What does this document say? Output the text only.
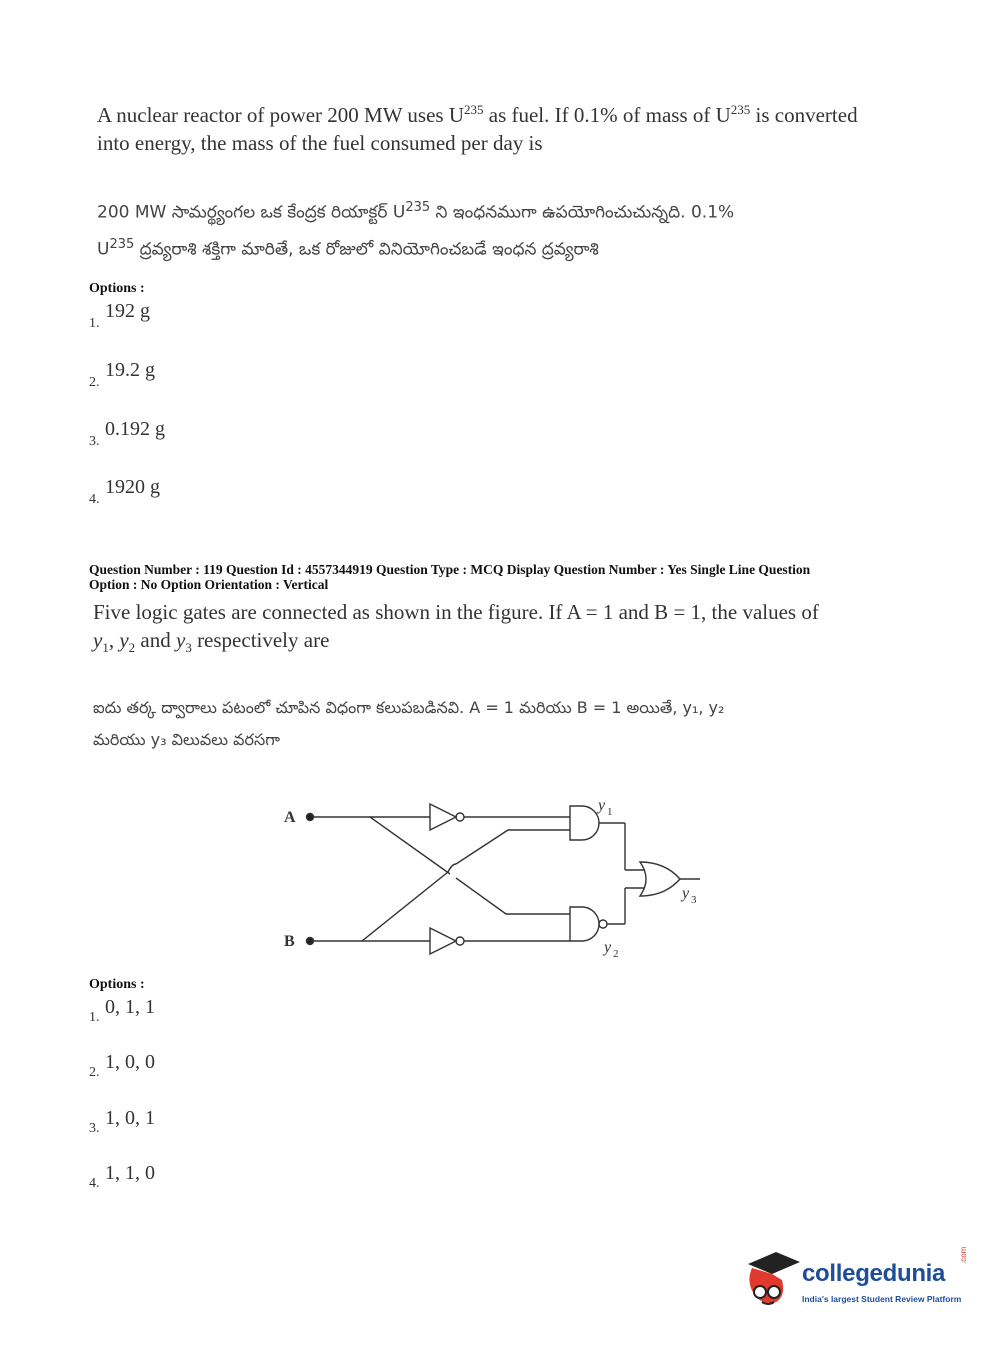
A nuclear reactor of power 200 MW uses $U^{235}$ as fuel. If 0.1% of mass of $U^{235}$ is converted
into energy, the mass of the fuel consumed per day is
200 MW సామర్థ్యంగల ఒక కేంద్రక రియాక్టర్ $U^{235}$ ని ఇంధనముగా ఉపయోగించుచున్నది. 0.1%
$U^{235}$ ద్రవ్యరాశి శక్తిగా మారితే, ఒక రోజులో వినియోగించబడే ఇంధన ద్రవ్యరాశి
Options :
1.
192 g
2.
19.2 g
3.
0.192 g
4.
1920 g
Question Number : 119 Question Id : 4557344919 Question Type : MCQ Display Question Number : Yes Single Line Question
Option : No Option Orientation : Vertical
Five logic gates are connected as shown in the figure. If A = 1 and B = 1, the values of
$y_1$, $y_2$ and $y_3$ respectively are
ఐదు తర్క ద్వారాలు పటంలో చూపిన విధంగా కలుపబడినవి. A = 1 మరియు B = 1 అయితే, y₁, y₂
మరియు y₃ విలువలు వరసగా
A
B
y 1
y 2
y 3
Options :
1. 0, 1, 1
2. 1, 0, 0
3. 1, 0, 1
4. 1, 1, 0
collegedunia
.com
India's largest Student Review Platform
